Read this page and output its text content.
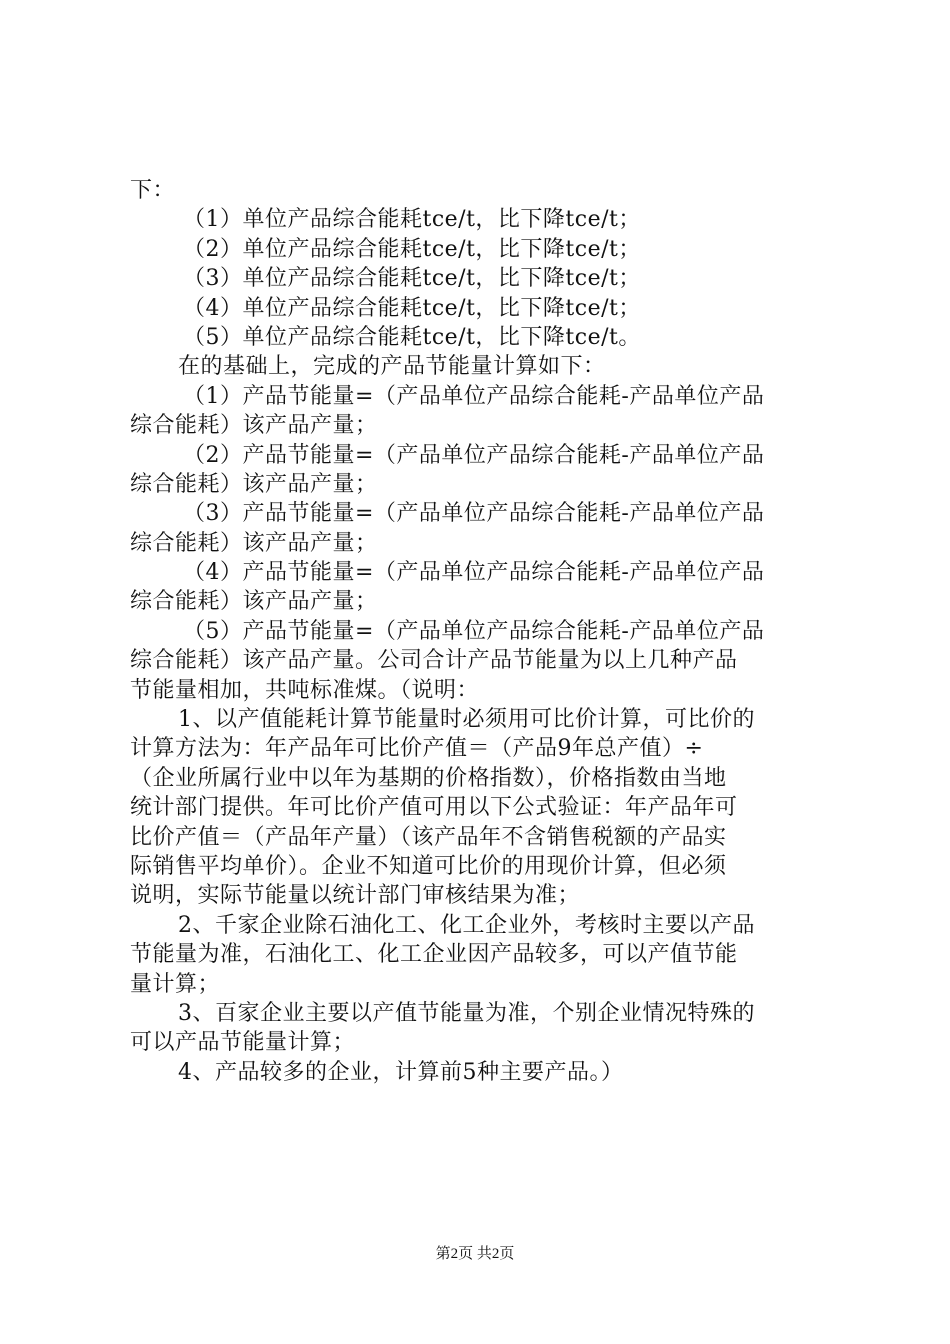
下：
（1）单位产品综合能耗tce/t，比下降tce/t；
（2）单位产品综合能耗tce/t，比下降tce/t；
（3）单位产品综合能耗tce/t，比下降tce/t；
（4）单位产品综合能耗tce/t，比下降tce/t；
（5）单位产品综合能耗tce/t，比下降tce/t。
在的基础上，完成的产品节能量计算如下：
（1）产品节能量=（产品单位产品综合能耗-产品单位产品
综合能耗）该产品产量；
（2）产品节能量=（产品单位产品综合能耗-产品单位产品
综合能耗）该产品产量；
（3）产品节能量=（产品单位产品综合能耗-产品单位产品
综合能耗）该产品产量；
（4）产品节能量=（产品单位产品综合能耗-产品单位产品
综合能耗）该产品产量；
（5）产品节能量=（产品单位产品综合能耗-产品单位产品
综合能耗）该产品产量。公司合计产品节能量为以上几种产品
节能量相加，共吨标准煤。（说明：
1、以产值能耗计算节能量时必须用可比价计算，可比价的
计算方法为：年产品年可比价产值＝（产品9年总产值）÷
（企业所属行业中以年为基期的价格指数），价格指数由当地
统计部门提供。年可比价产值可用以下公式验证：年产品年可
比价产值＝（产品年产量）（该产品年不含销售税额的产品实
际销售平均单价）。企业不知道可比价的用现价计算，但必须
说明，实际节能量以统计部门审核结果为准；
2、千家企业除石油化工、化工企业外，考核时主要以产品
节能量为准，石油化工、化工企业因产品较多，可以产值节能
量计算；
3、百家企业主要以产值节能量为准，个别企业情况特殊的
可以产品节能量计算；
4、产品较多的企业，计算前5种主要产品。）
第2页 共2页
